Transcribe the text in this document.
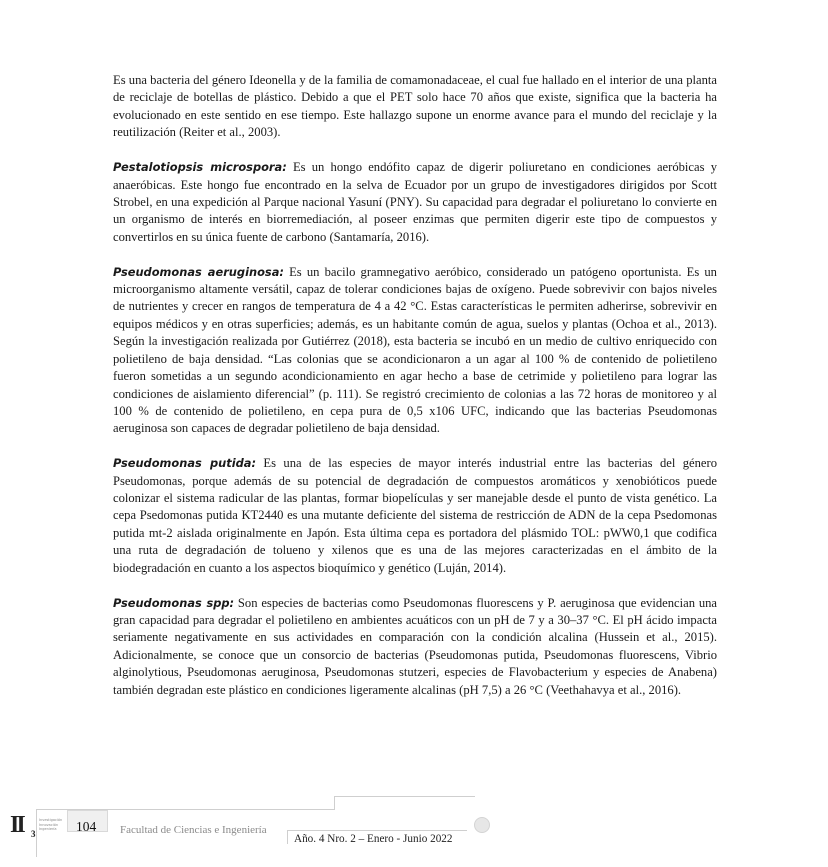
Es una bacteria del género Ideonella y de la familia de comamonadaceae, el cual fue hallado en el interior de una planta de reciclaje de botellas de plástico. Debido a que el PET solo hace 70 años que existe, significa que la bacteria ha evolucionado en este sentido en ese tiempo. Este hallazgo supone un enorme avance para el mundo del reciclaje y la reutilización (Reiter et al., 2003).

Pestalotiopsis microspora: Es un hongo endófito capaz de digerir poliuretano en condiciones aeróbicas y anaeróbicas. Este hongo fue encontrado en la selva de Ecuador por un grupo de investigadores dirigidos por Scott Strobel, en una expedición al Parque nacional Yasuní (PNY). Su capacidad para degradar el poliuretano lo convierte en un organismo de interés en biorremediación, al poseer enzimas que permiten digerir este tipo de compuestos y convertirlos en su única fuente de carbono (Santamaría, 2016).

Pseudomonas aeruginosa: Es un bacilo gramnegativo aeróbico, considerado un patógeno oportunista. Es un microorganismo altamente versátil, capaz de tolerar condiciones bajas de oxígeno. Puede sobrevivir con bajos niveles de nutrientes y crecer en rangos de temperatura de 4 a 42 °C. Estas características le permiten adherirse, sobrevivir en equipos médicos y en otras superficies; además, es un habitante común de agua, suelos y plantas (Ochoa et al., 2013). Según la investigación realizada por Gutiérrez (2018), esta bacteria se incubó en un medio de cultivo enriquecido con polietileno de baja densidad. “Las colonias que se acondicionaron a un agar al 100 % de contenido de polietileno fueron sometidas a un segundo acondicionamiento en agar hecho a base de cetrimide y polietileno para lograr las condiciones de aislamiento diferencial” (p. 111). Se registró crecimiento de colonias a las 72 horas de monitoreo y al 100 % de contenido de polietileno, en cepa pura de 0,5 x106 UFC, indicando que las bacterias Pseudomonas aeruginosa son capaces de degradar polietileno de baja densidad.

Pseudomonas putida: Es una de las especies de mayor interés industrial entre las bacterias del género Pseudomonas, porque además de su potencial de degradación de compuestos aromáticos y xenobióticos puede colonizar el sistema radicular de las plantas, formar biopelículas y ser manejable desde el punto de vista genético. La cepa Psedomonas putida KT2440 es una mutante deficiente del sistema de restricción de ADN de la cepa Psedomonas putida mt-2 aislada originalmente en Japón. Esta última cepa es portadora del plásmido TOL: pWW0,1 que codifica una ruta de degradación de tolueno y xilenos que es una de las mejores caracterizadas en el ámbito de la biodegradación en cuanto a los aspectos bioquímico y genético (Luján, 2014).

Pseudomonas spp: Son especies de bacterias como Pseudomonas fluorescens y P. aeruginosa que evidencian una gran capacidad para degradar el polietileno en ambientes acuáticos con un pH de 7 y a 30–37 °C. El pH ácido impacta seriamente negativamente en sus actividades en comparación con la condición alcalina (Hussein et al., 2015). Adicionalmente, se conoce que un consorcio de bacterias (Pseudomonas putida, Pseudomonas fluorescens, Vibrio alginolytious, Pseudomonas aeruginosa, Pseudomonas stutzeri, especies de Flavobacterium y especies de Anabena) también degradan este plástico en condiciones ligeramente alcalinas (pH 7,5) a 26 °C (Veethahavya et al., 2016).

II 3
Investigación Innovación Ingeniería	104 Facultad de Ciencias e Ingeniería
Año. 4 Nro. 2 – Enero - Junio 2022
